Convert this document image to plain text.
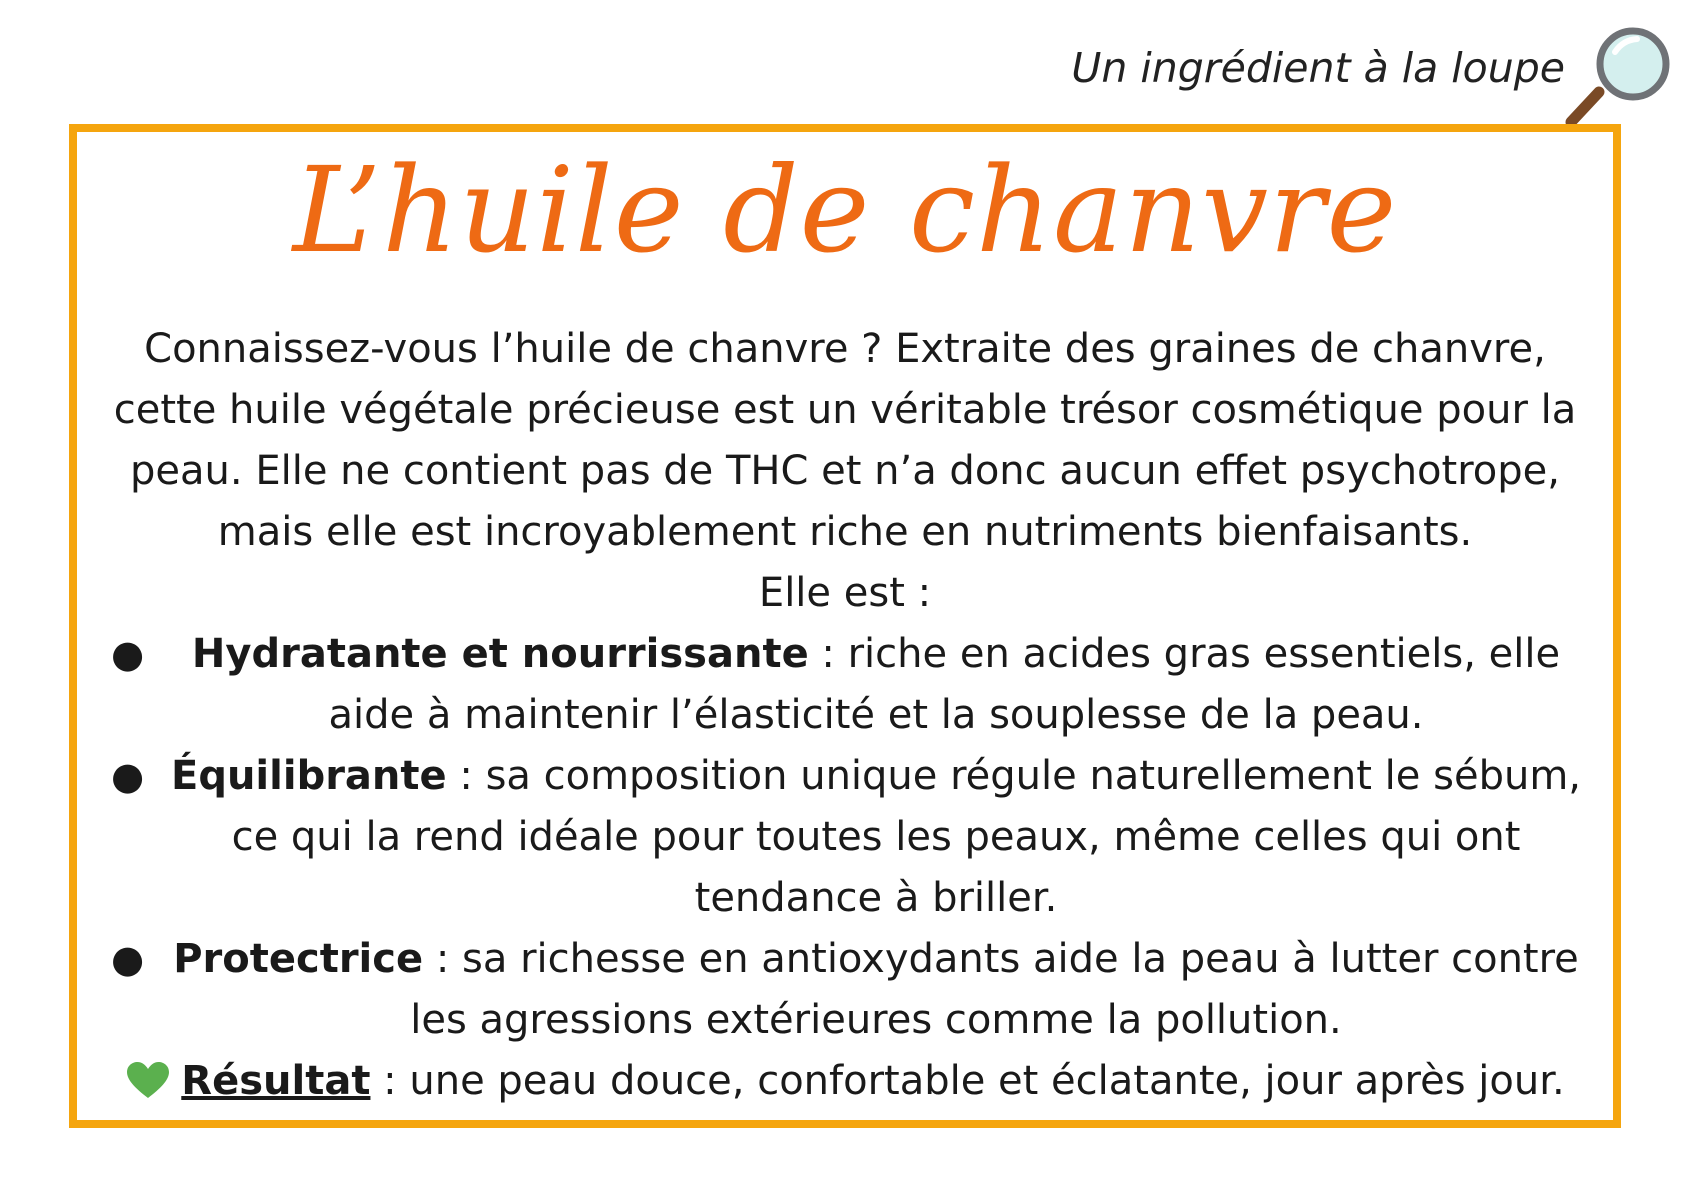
Un ingrédient à la loupe
L’huile de chanvre

Connaissez-vous l’huile de chanvre ? Extraite des graines de chanvre, cette huile végétale précieuse est un véritable trésor cosmétique pour la peau. Elle ne contient pas de THC et n’a donc aucun effet psychotrope, mais elle est incroyablement riche en nutriments bienfaisants.

Elle est :

● Hydratante et nourrissante : riche en acides gras essentiels, elle aide à maintenir l’élasticité et la souplesse de la peau.
● Équilibrante : sa composition unique régule naturellement le sébum, ce qui la rend idéale pour toutes les peaux, même celles qui ont tendance à briller.
● Protectrice : sa richesse en antioxydants aide la peau à lutter contre les agressions extérieures comme la pollution.

Résultat : une peau douce, confortable et éclatante, jour après jour.
